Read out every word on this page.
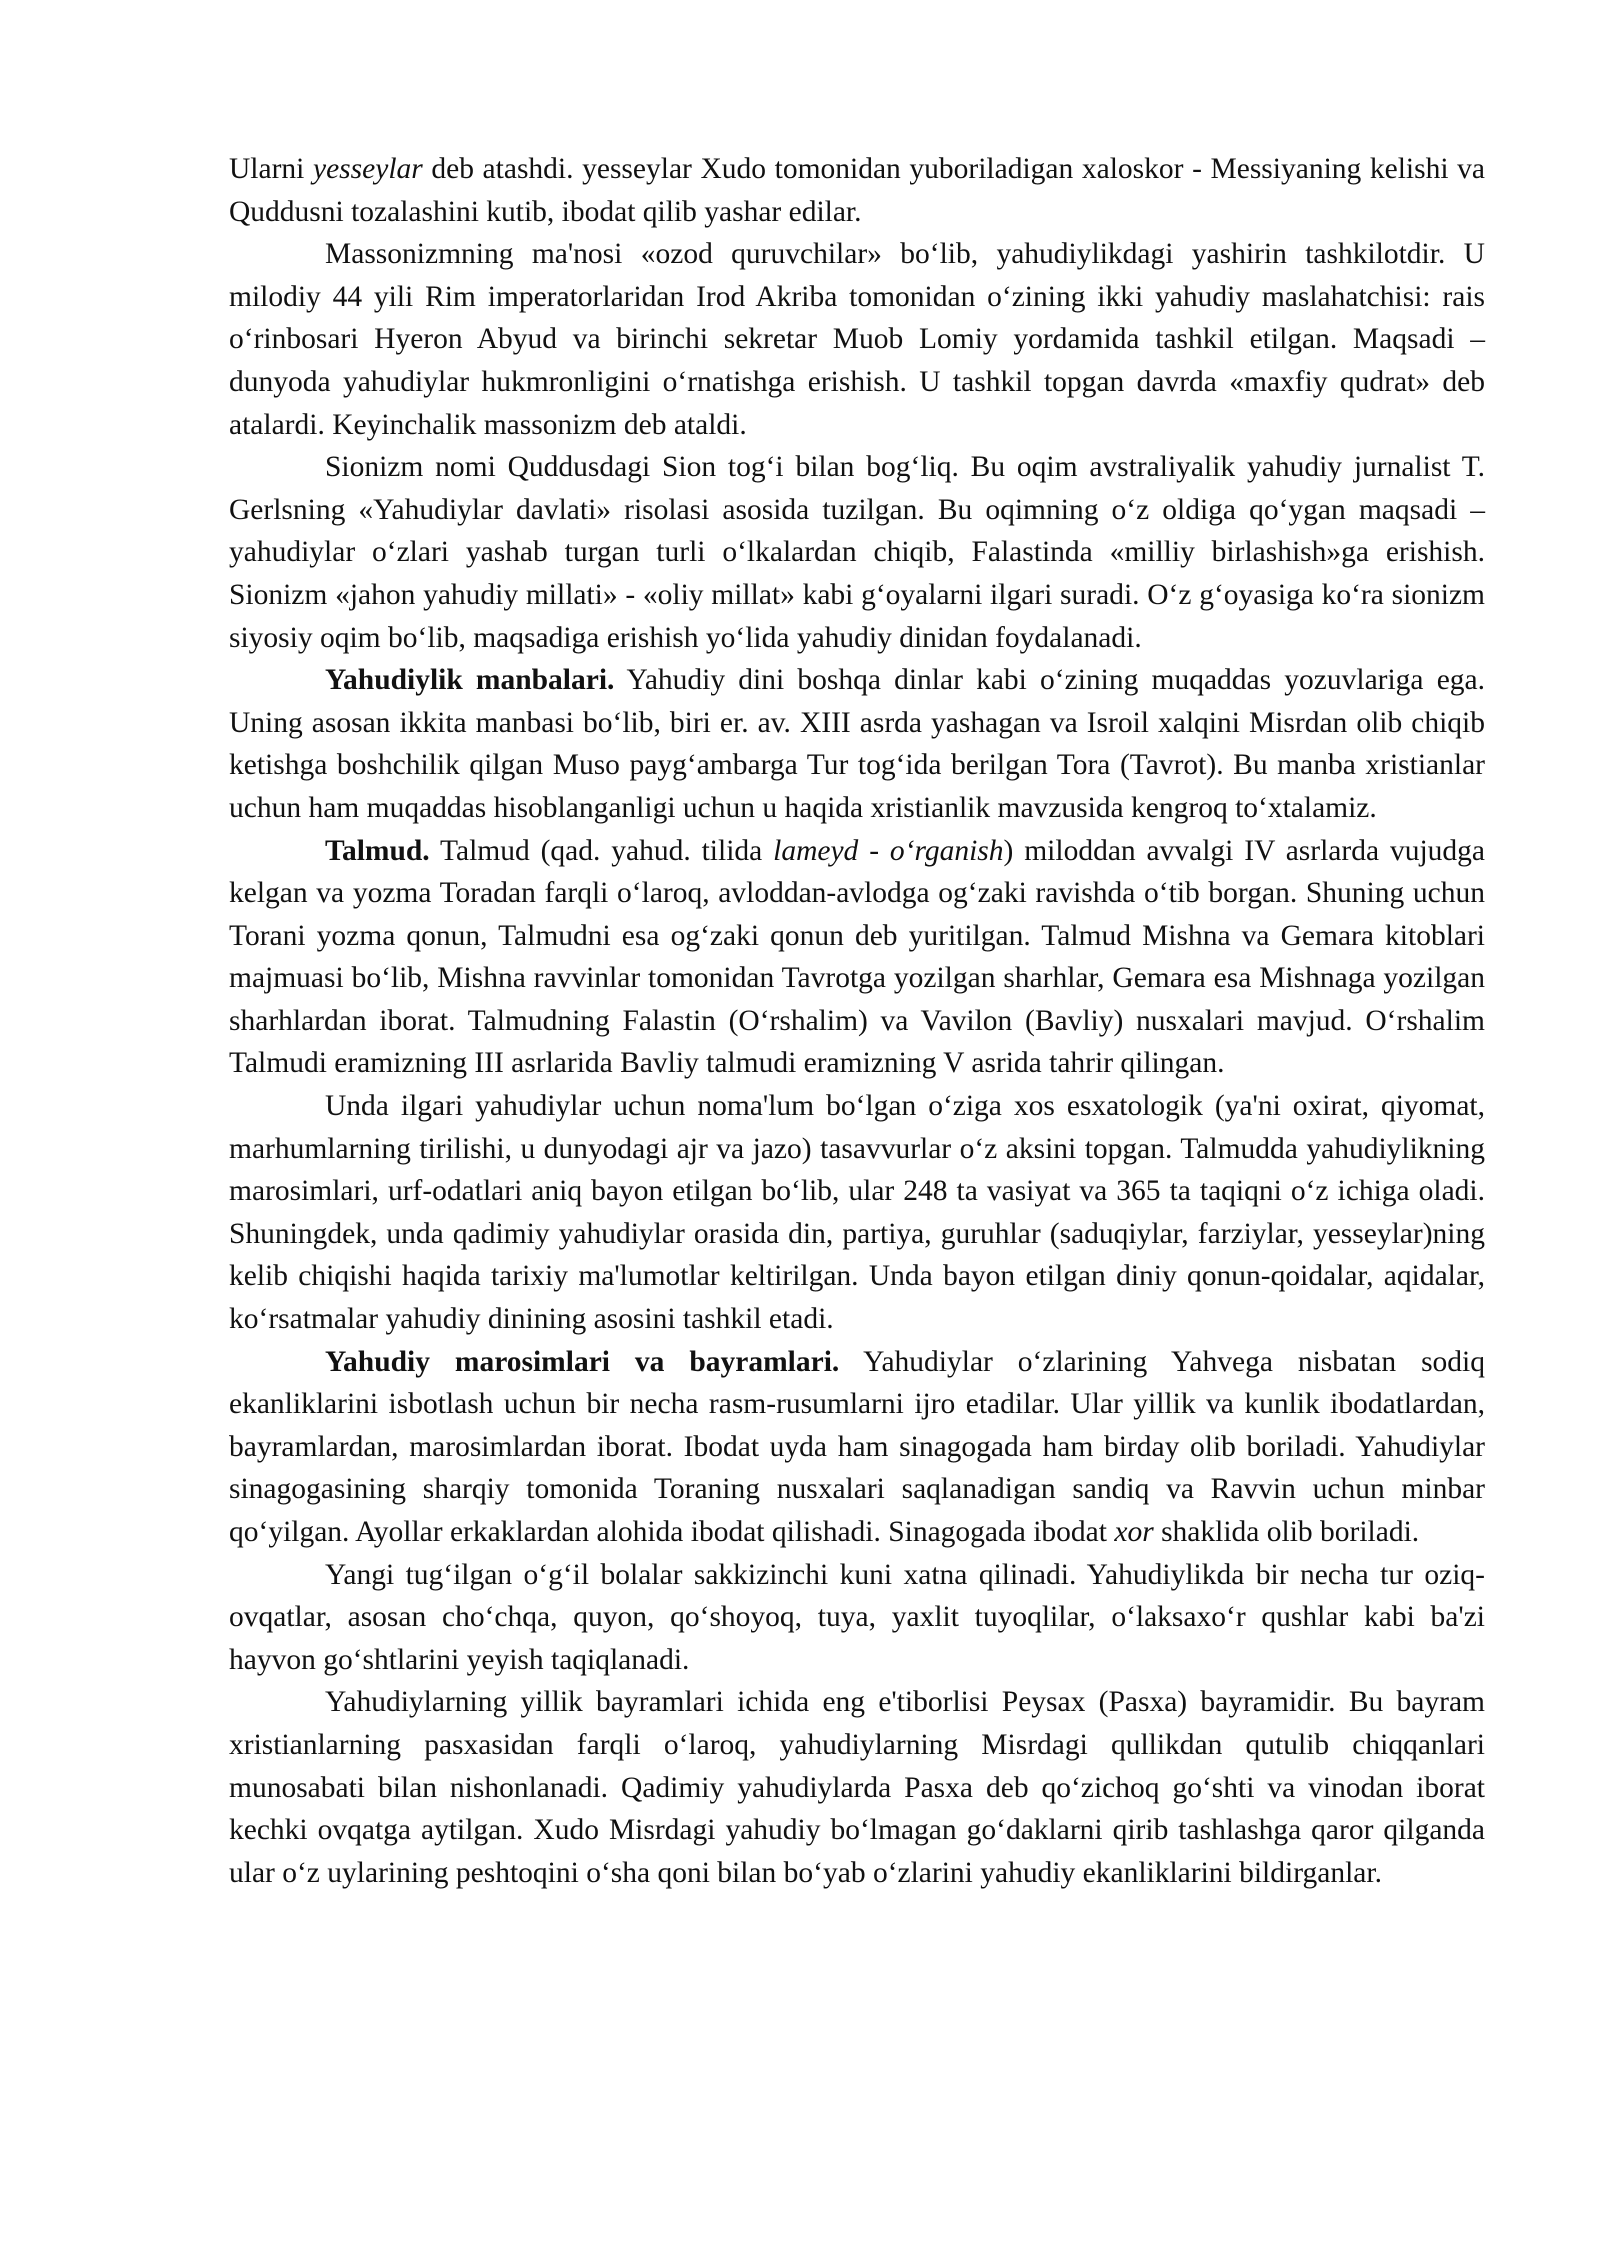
Ularni yesseylar deb atashdi. yesseylar Xudo tomonidan yuboriladigan xaloskor - Messiyaning kelishi va Quddusni tozalashini kutib, ibodat qilib yashar edilar.

Massonizmning ma'nosi «ozod quruvchilar» bo‘lib, yahudiylikdagi yashirin tashkilotdir. U milodiy 44 yili Rim imperatorlaridan Irod Akriba tomonidan o‘zining ikki yahudiy maslahatchisi: rais o‘rinbosari Hyeron Abyud va birinchi sekretar Muob Lomiy yordamida tashkil etilgan. Maqsadi – dunyoda yahudiylar hukmronligini o‘rnatishga erishish. U tashkil topgan davrda «maxfiy qudrat» deb atalardi. Keyinchalik massonizm deb ataldi.

Sionizm nomi Quddusdagi Sion tog‘i bilan bog‘liq. Bu oqim avstraliyalik yahudiy jurnalist T. Gerlsning «Yahudiylar davlati» risolasi asosida tuzilgan. Bu oqimning o‘z oldiga qo‘ygan maqsadi – yahudiylar o‘zlari yashab turgan turli o‘lkalardan chiqib, Falastinda «milliy birlashish»ga erishish. Sionizm «jahon yahudiy millati» - «oliy millat» kabi g‘oyalarni ilgari suradi. O‘z g‘oyasiga ko‘ra sionizm siyosiy oqim bo‘lib, maqsadiga erishish yo‘lida yahudiy dinidan foydalanadi.

Yahudiylik manbalari. Yahudiy dini boshqa dinlar kabi o‘zining muqaddas yozuvlariga ega. Uning asosan ikkita manbasi bo‘lib, biri er. av. XIII asrda yashagan va Isroil xalqini Misrdan olib chiqib ketishga boshchilik qilgan Muso payg‘ambarga Tur tog‘ida berilgan Tora (Tavrot). Bu manba xristianlar uchun ham muqaddas hisoblanganligi uchun u haqida xristianlik mavzusida kengroq to‘xtalamiz.

Talmud. Talmud (qad. yahud. tilida lameyd - o‘rganish) miloddan avvalgi IV asrlarda vujudga kelgan va yozma Toradan farqli o‘laroq, avloddan-avlodga og‘zaki ravishda o‘tib borgan. Shuning uchun Torani yozma qonun, Talmudni esa og‘zaki qonun deb yuritilgan. Talmud Mishna va Gemara kitoblari majmuasi bo‘lib, Mishna ravvinlar tomonidan Tavrotga yozilgan sharhlar, Gemara esa Mishnaga yozilgan sharhlardan iborat. Talmudning Falastin (O‘rshalim) va Vavilon (Bavliy) nusxalari mavjud. O‘rshalim Talmudi eramizning III asrlarida Bavliy talmudi eramizning V asrida tahrir qilingan.

Unda ilgari yahudiylar uchun noma'lum bo‘lgan o‘ziga xos esxatologik (ya'ni oxirat, qiyomat, marhumlarning tirilishi, u dunyodagi ajr va jazo) tasavvurlar o‘z aksini topgan. Talmudda yahudiylikning marosimlari, urf-odatlari aniq bayon etilgan bo‘lib, ular 248 ta vasiyat va 365 ta taqiqni o‘z ichiga oladi. Shuningdek, unda qadimiy yahudiylar orasida din, partiya, guruhlar (saduqiylar, farziylar, yesseylar)ning kelib chiqishi haqida tarixiy ma'lumotlar keltirilgan. Unda bayon etilgan diniy qonun-qoidalar, aqidalar, ko‘rsatmalar yahudiy dinining asosini tashkil etadi.

Yahudiy marosimlari va bayramlari. Yahudiylar o‘zlarining Yahvega nisbatan sodiq ekanliklarini isbotlash uchun bir necha rasm-rusumlarni ijro etadilar. Ular yillik va kunlik ibodatlardan, bayramlardan, marosimlardan iborat. Ibodat uyda ham sinagogada ham birday olib boriladi. Yahudiylar sinagogasining sharqiy tomonida Toraning nusxalari saqlanadigan sandiq va Ravvin uchun minbar qo‘yilgan. Ayollar erkaklardan alohida ibodat qilishadi. Sinagogada ibodat xor shaklida olib boriladi.

Yangi tug‘ilgan o‘g‘il bolalar sakkizinchi kuni xatna qilinadi. Yahudiylikda bir necha tur oziq-ovqatlar, asosan cho‘chqa, quyon, qo‘shoyoq, tuya, yaxlit tuyoqlilar, o‘laksaxo‘r qushlar kabi ba'zi hayvon go‘shtlarini yeyish taqiqlanadi.

Yahudiylarning yillik bayramlari ichida eng e'tiborlisi Peysax (Pasxa) bayramidir. Bu bayram xristianlarning pasxasidan farqli o‘laroq, yahudiylarning Misrdagi qullikdan qutulib chiqqanlari munosabati bilan nishonlanadi. Qadimiy yahudiylarda Pasxa deb qo‘zichoq go‘shti va vinodan iborat kechki ovqatga aytilgan. Xudo Misrdagi yahudiy bo‘lmagan go‘daklarni qirib tashlashga qaror qilganda ular o‘z uylarining peshtoqini o‘sha qoni bilan bo‘yab o‘zlarini yahudiy ekanliklarini bildirganlar.
